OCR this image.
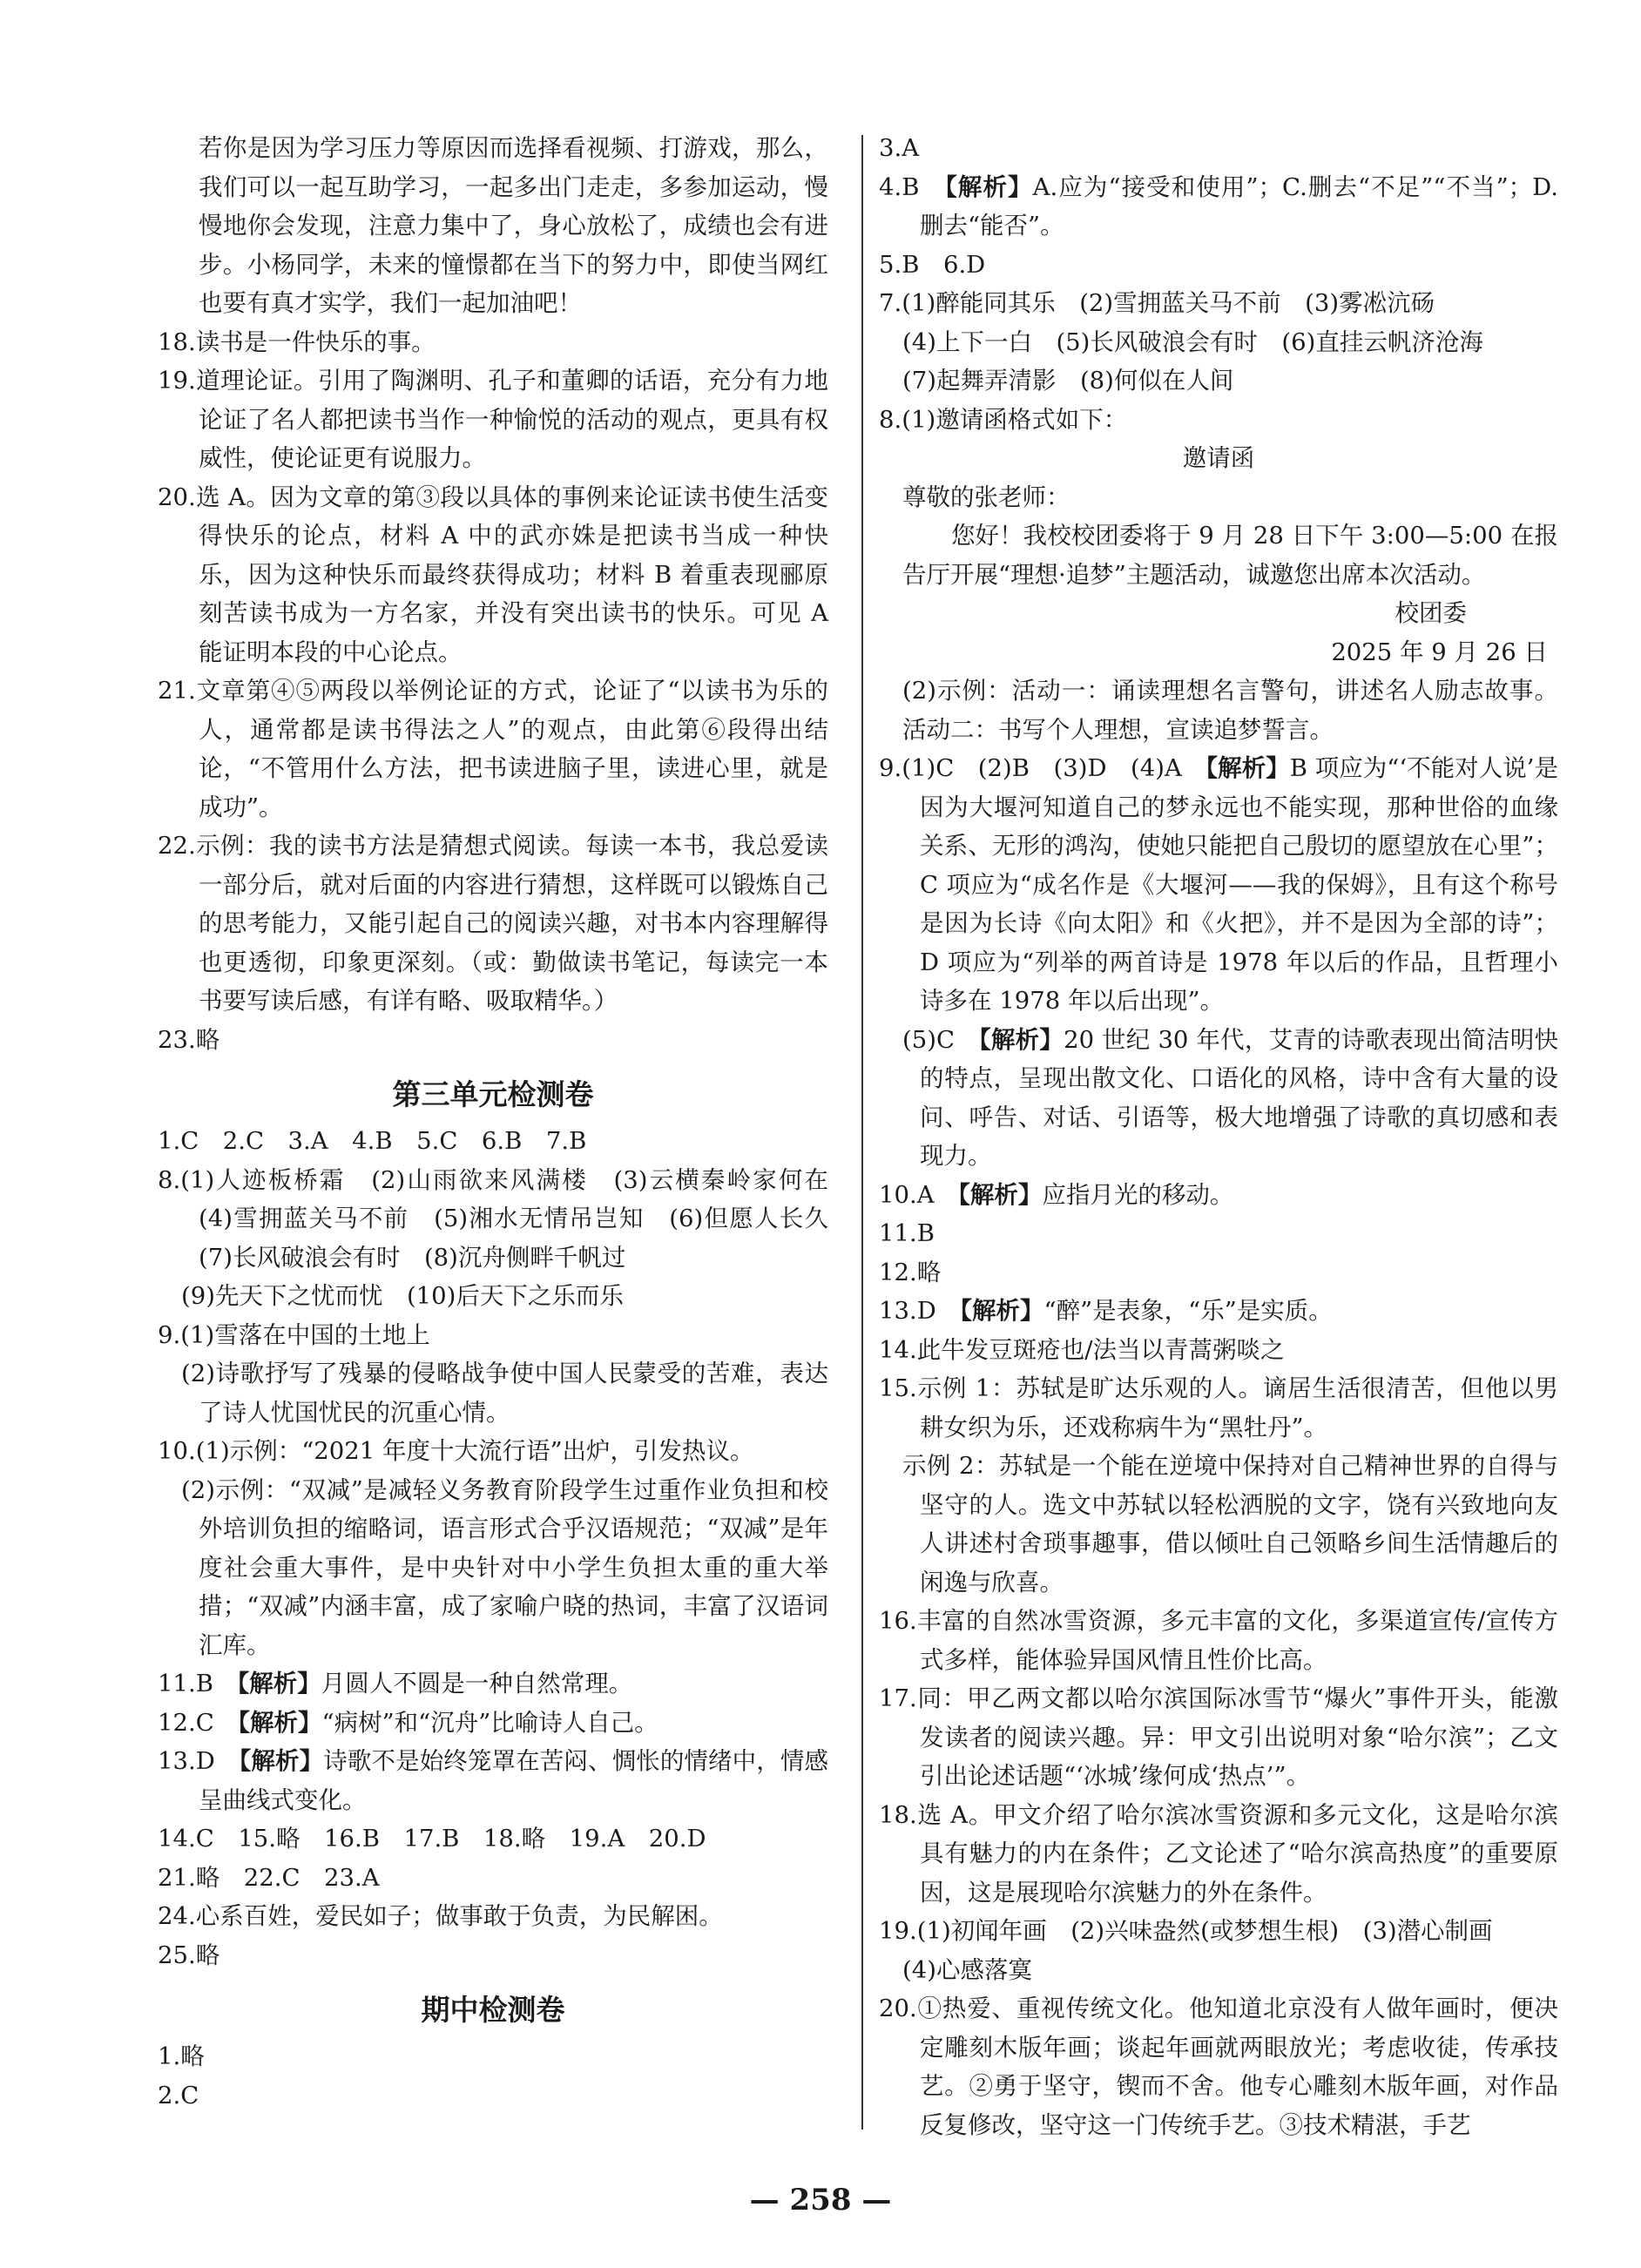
若你是因为学习压力等原因而选择看视频、打游戏，那么，我们可以一起互助学习，一起多出门走走，多参加运动，慢慢地你会发现，注意力集中了，身心放松了，成绩也会有进步。小杨同学，未来的憧憬都在当下的努力中，即使当网红也要有真才实学，我们一起加油吧！

18.读书是一件快乐的事。

19.道理论证。引用了陶渊明、孔子和董卿的话语，充分有力地论证了名人都把读书当作一种愉悦的活动的观点，更具有权威性，使论证更有说服力。

20.选 A。因为文章的第③段以具体的事例来论证读书使生活变得快乐的论点，材料 A 中的武亦姝是把读书当成一种快乐，因为这种快乐而最终获得成功；材料 B 着重表现郦原刻苦读书成为一方名家，并没有突出读书的快乐。可见 A 能证明本段的中心论点。

21.文章第④⑤两段以举例论证的方式，论证了“以读书为乐的人，通常都是读书得法之人”的观点，由此第⑥段得出结论，“不管用什么方法，把书读进脑子里，读进心里，就是成功”。

22.示例：我的读书方法是猜想式阅读。每读一本书，我总爱读一部分后，就对后面的内容进行猜想，这样既可以锻炼自己的思考能力，又能引起自己的阅读兴趣，对书本内容理解得也更透彻，印象更深刻。（或：勤做读书笔记，每读完一本书要写读后感，有详有略、吸取精华。）

23.略

第三单元检测卷

1.C　2.C　3.A　4.B　5.C　6.B　7.B

8.(1)人迹板桥霜　(2)山雨欲来风满楼　(3)云横秦岭家何在　(4)雪拥蓝关马不前　(5)湘水无情吊岂知　(6)但愿人长久　(7)长风破浪会有时　(8)沉舟侧畔千帆过

(9)先天下之忧而忧　(10)后天下之乐而乐

9.(1)雪落在中国的土地上

(2)诗歌抒写了残暴的侵略战争使中国人民蒙受的苦难，表达了诗人忧国忧民的沉重心情。

10.(1)示例：“2021 年度十大流行语”出炉，引发热议。

(2)示例：“双减”是减轻义务教育阶段学生过重作业负担和校外培训负担的缩略词，语言形式合乎汉语规范；“双减”是年度社会重大事件，是中央针对中小学生负担太重的重大举措；“双减”内涵丰富，成了家喻户晓的热词，丰富了汉语词汇库。

11.B　【解析】月圆人不圆是一种自然常理。

12.C　【解析】“病树”和“沉舟”比喻诗人自己。

13.D　【解析】诗歌不是始终笼罩在苦闷、惆怅的情绪中，情感呈曲线式变化。

14.C　15.略　16.B　17.B　18.略　19.A　20.D

21.略　22.C　23.A

24.心系百姓，爱民如子；做事敢于负责，为民解困。

25.略

期中检测卷

1.略

2.C

3.A

4.B　【解析】A.应为“接受和使用”；C.删去“不足”“不当”；D.删去“能否”。

5.B　6.D

7.(1)醉能同其乐　(2)雪拥蓝关马不前　(3)雾凇沆砀

(4)上下一白　(5)长风破浪会有时　(6)直挂云帆济沧海

(7)起舞弄清影　(8)何似在人间

8.(1)邀请函格式如下：

邀请函

尊敬的张老师：

您好！我校校团委将于 9 月 28 日下午 3:00—5:00 在报告厅开展“理想·追梦”主题活动，诚邀您出席本次活动。

校团委

2025 年 9 月 26 日

(2)示例：活动一：诵读理想名言警句，讲述名人励志故事。活动二：书写个人理想，宣读追梦誓言。

9.(1)C　(2)B　(3)D　(4)A　【解析】B 项应为“‘不能对人说’是因为大堰河知道自己的梦永远也不能实现，那种世俗的血缘关系、无形的鸿沟，使她只能把自己殷切的愿望放在心里”；C 项应为“成名作是《大堰河——我的保姆》，且有这个称号是因为长诗《向太阳》和《火把》，并不是因为全部的诗”；D 项应为“列举的两首诗是 1978 年以后的作品，且哲理小诗多在 1978 年以后出现”。

(5)C　【解析】20 世纪 30 年代，艾青的诗歌表现出简洁明快的特点，呈现出散文化、口语化的风格，诗中含有大量的设问、呼告、对话、引语等，极大地增强了诗歌的真切感和表现力。

10.A　【解析】应指月光的移动。

11.B

12.略

13.D　【解析】“醉”是表象，“乐”是实质。

14.此牛发豆斑疮也/法当以青蒿粥啖之

15.示例 1：苏轼是旷达乐观的人。谪居生活很清苦，但他以男耕女织为乐，还戏称病牛为“黑牡丹”。

示例 2：苏轼是一个能在逆境中保持对自己精神世界的自得与坚守的人。选文中苏轼以轻松洒脱的文字，饶有兴致地向友人讲述村舍琐事趣事，借以倾吐自己领略乡间生活情趣后的闲逸与欣喜。

16.丰富的自然冰雪资源，多元丰富的文化，多渠道宣传/宣传方式多样，能体验异国风情且性价比高。

17.同：甲乙两文都以哈尔滨国际冰雪节“爆火”事件开头，能激发读者的阅读兴趣。异：甲文引出说明对象“哈尔滨”；乙文引出论述话题“‘冰城’缘何成‘热点’”。

18.选 A。甲文介绍了哈尔滨冰雪资源和多元文化，这是哈尔滨具有魅力的内在条件；乙文论述了“哈尔滨高热度”的重要原因，这是展现哈尔滨魅力的外在条件。

19.(1)初闻年画　(2)兴味盎然(或梦想生根)　(3)潜心制画

(4)心感落寞

20.①热爱、重视传统文化。他知道北京没有人做年画时，便决定雕刻木版年画；谈起年画就两眼放光；考虑收徒，传承技艺。②勇于坚守，锲而不舍。他专心雕刻木版年画，对作品反复修改，坚守这一门传统手艺。③技术精湛，手艺

— 258 —
